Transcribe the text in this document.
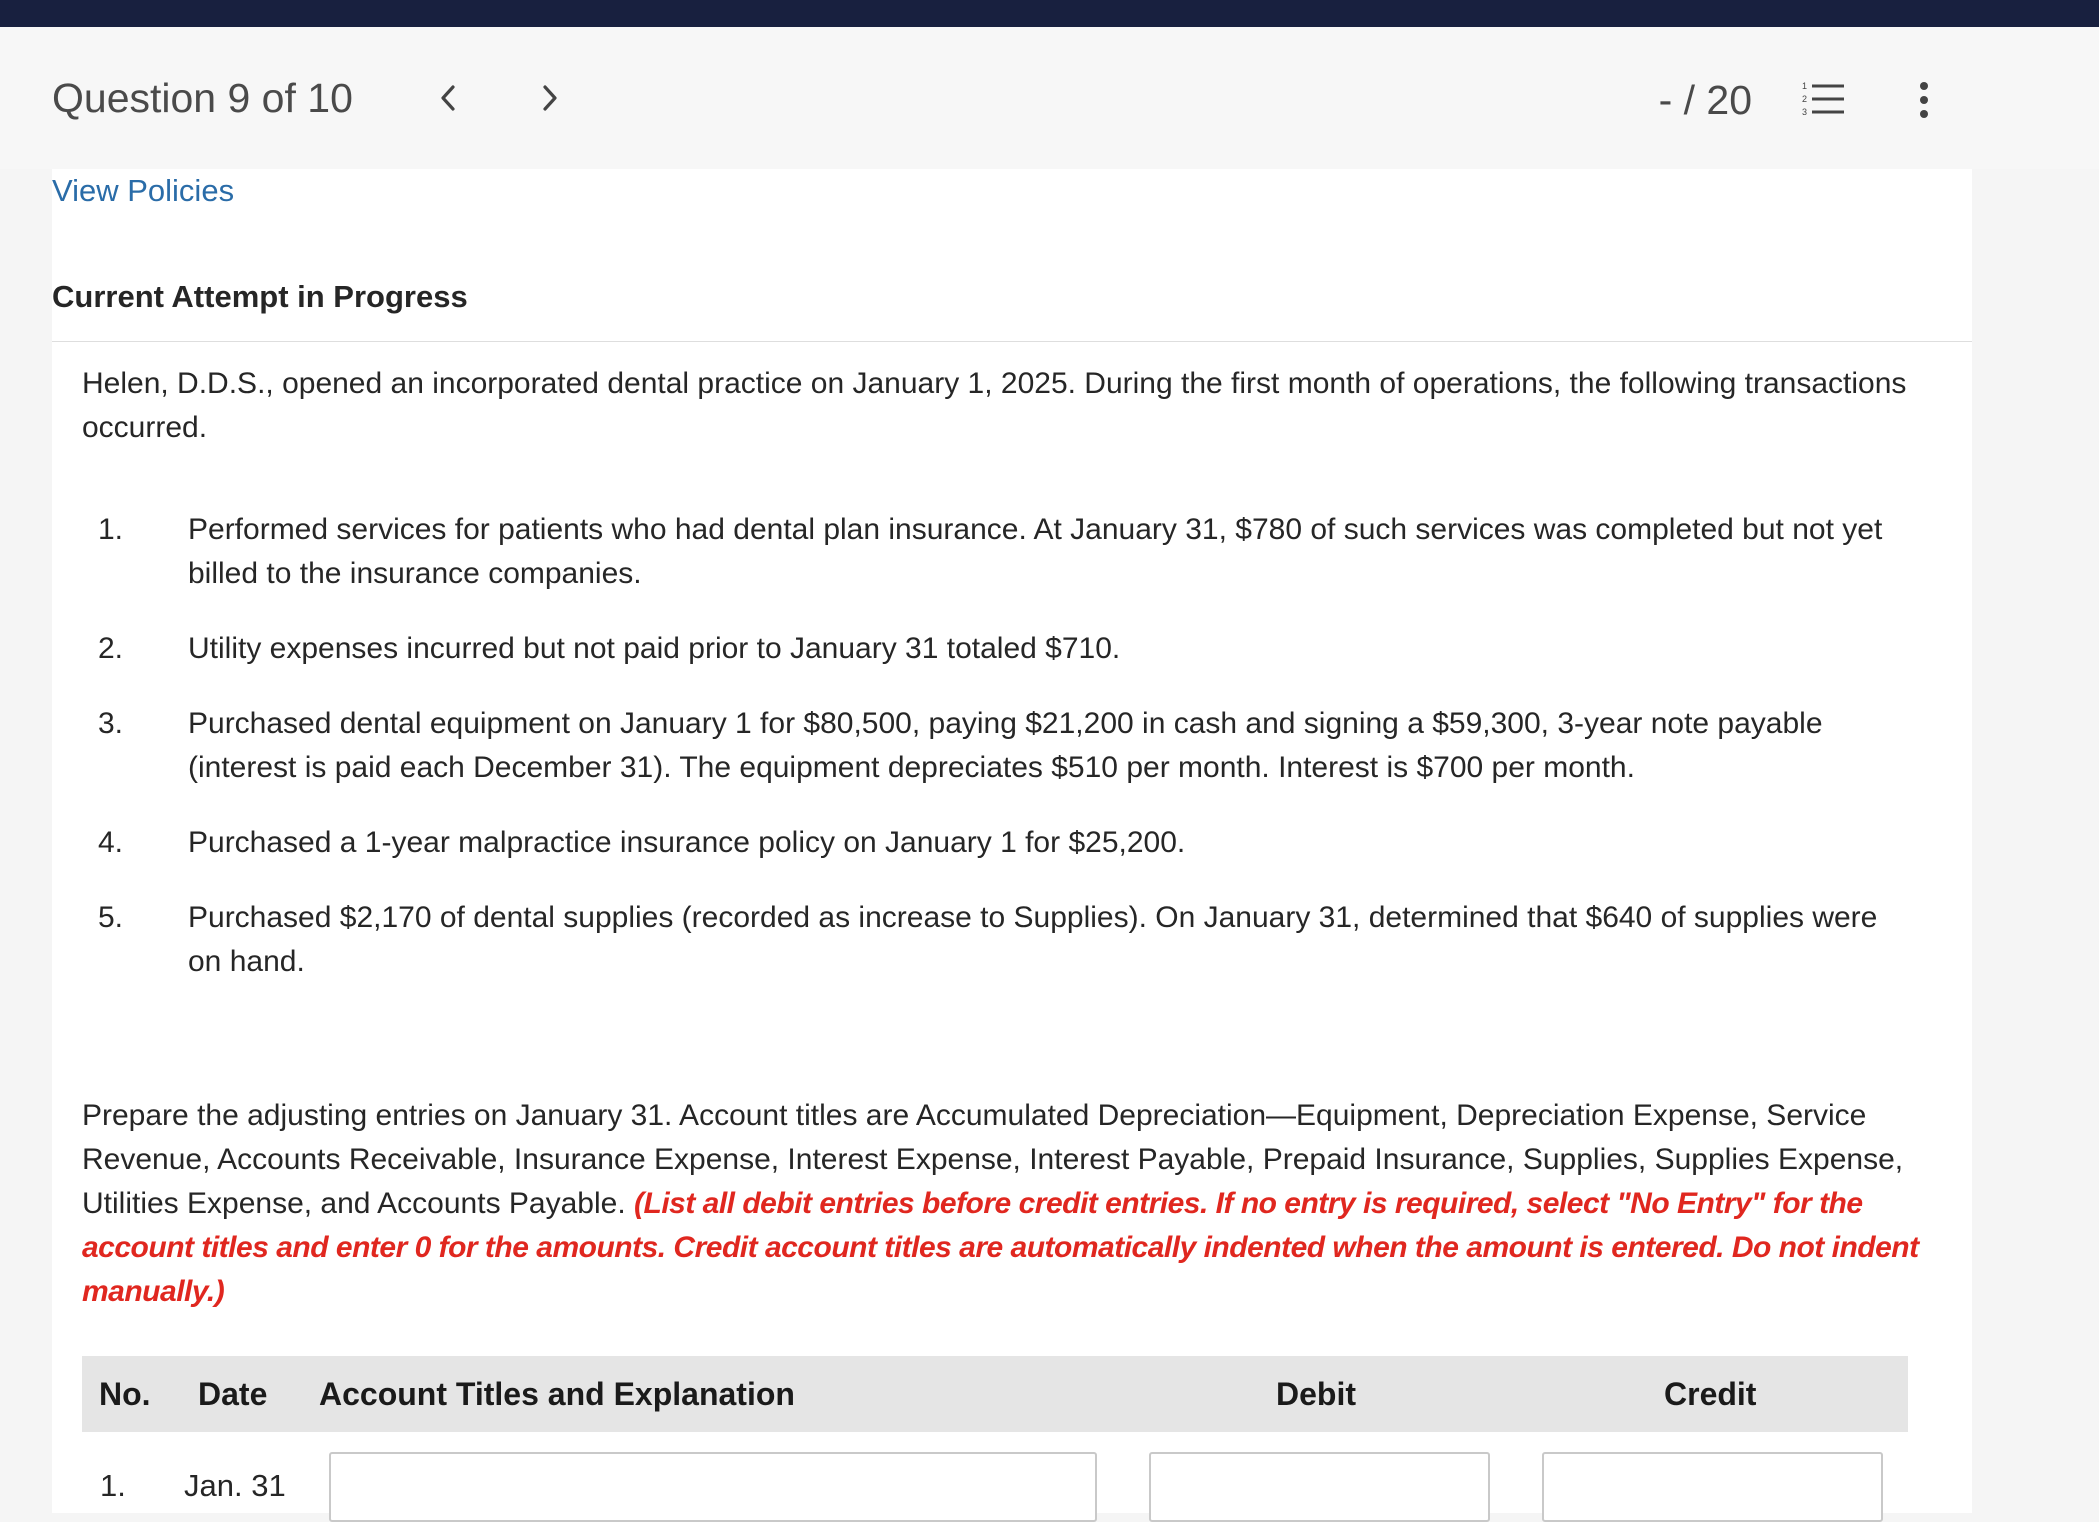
Question 9 of 10	- / 20	1
2
3
View Policies
Current Attempt in Progress
Helen, D.D.S., opened an incorporated dental practice on January 1, 2025. During the first month of operations, the following transactions occurred.
1.	Performed services for patients who had dental plan insurance. At January 31, $780 of such services was completed but not yet billed to the insurance companies.
2.	Utility expenses incurred but not paid prior to January 31 totaled $710.
3.	Purchased dental equipment on January 1 for $80,500, paying $21,200 in cash and signing a $59,300, 3-year note payable (interest is paid each December 31). The equipment depreciates $510 per month. Interest is $700 per month.
4.	Purchased a 1-year malpractice insurance policy on January 1 for $25,200.
5.	Purchased $2,170 of dental supplies (recorded as increase to Supplies). On January 31, determined that $640 of supplies were on hand.
Prepare the adjusting entries on January 31. Account titles are Accumulated Depreciation—Equipment, Depreciation Expense, Service Revenue, Accounts Receivable, Insurance Expense, Interest Expense, Interest Payable, Prepaid Insurance, Supplies, Supplies Expense, Utilities Expense, and Accounts Payable. (List all debit entries before credit entries. If no entry is required, select "No Entry" for the account titles and enter 0 for the amounts. Credit account titles are automatically indented when the amount is entered. Do not indent manually.)
No. Date Account Titles and Explanation	Debit	Credit
1. Jan. 31
